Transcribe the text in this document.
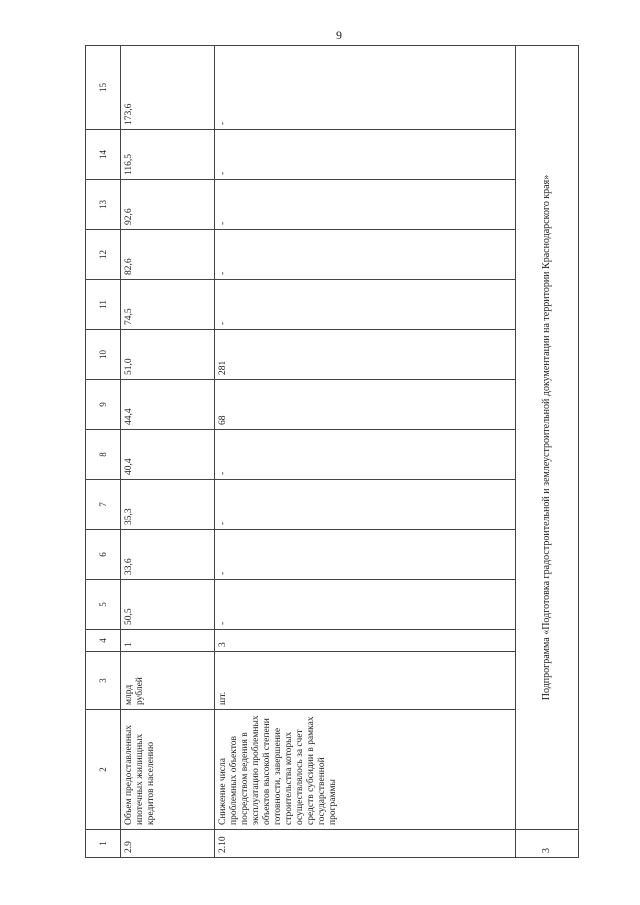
9
1	2	3	4	5	6	7	8	9	10	11	12	13	14	15
2.9	Объем предоставленных ипотечных жилищных кредитов населению	млрд рублей	1	50,5	33,6	35,3	40,4	44,4	51,0	74,5	82,6	92,6	116,5	173,6
2.10	Снижение числа проблемных объектов посредством ведения в эксплуатацию проблемных объектов высокой степени готовности, завершение строительства которых осуществлялось за счет средств субсидии в рамках государственной программы	шт.	3	-	-	-	-	68	281	-	-	-	-	-
3	Подпрограмма «Подготовка градостроительной и землеустроительной документации на территории Краснодарского края»													
